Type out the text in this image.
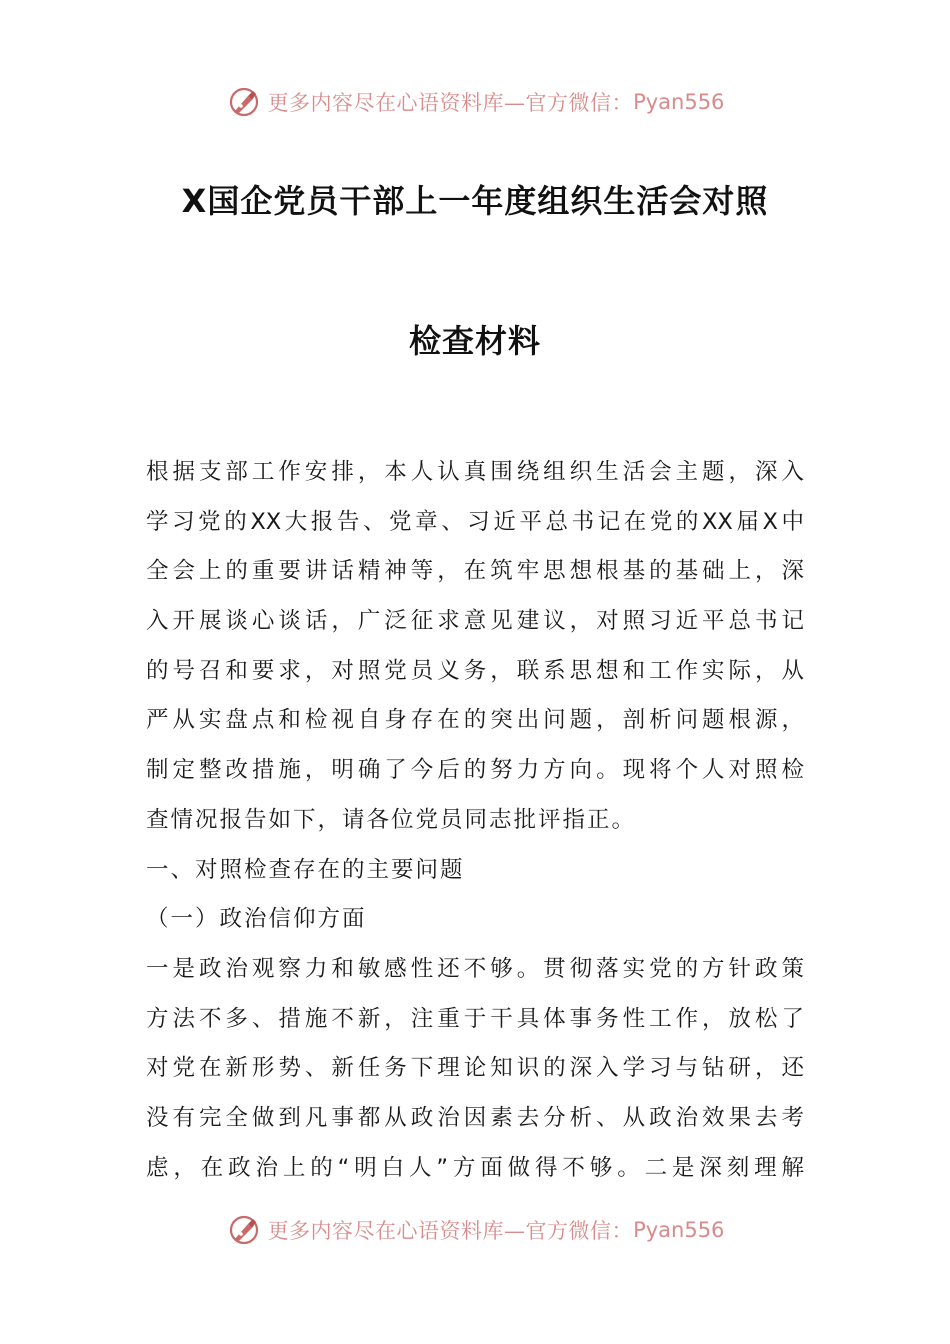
更多内容尽在心语资料库—官方微信： Pyan556
X国企党员干部上一年度组织生活会对照
检查材料
根据支部工作安排，本人认真围绕组织生活会主题，深入
学习党的XX大报告、党章、习近平总书记在党的XX届X中
全会上的重要讲话精神等，在筑牢思想根基的基础上，深
入开展谈心谈话，广泛征求意见建议，对照习近平总书记
的号召和要求，对照党员义务，联系思想和工作实际，从
严从实盘点和检视自身存在的突出问题，剖析问题根源，
制定整改措施，明确了今后的努力方向。现将个人对照检
查情况报告如下，请各位党员同志批评指正。
一、对照检查存在的主要问题
（一）政治信仰方面
一是政治观察力和敏感性还不够。贯彻落实党的方针政策
方法不多、措施不新，注重于干具体事务性工作，放松了
对党在新形势、新任务下理论知识的深入学习与钻研，还
没有完全做到凡事都从政治因素去分析、从政治效果去考
虑，在政治上的“明白人”方面做得不够。二是深刻理解
更多内容尽在心语资料库—官方微信： Pyan556
